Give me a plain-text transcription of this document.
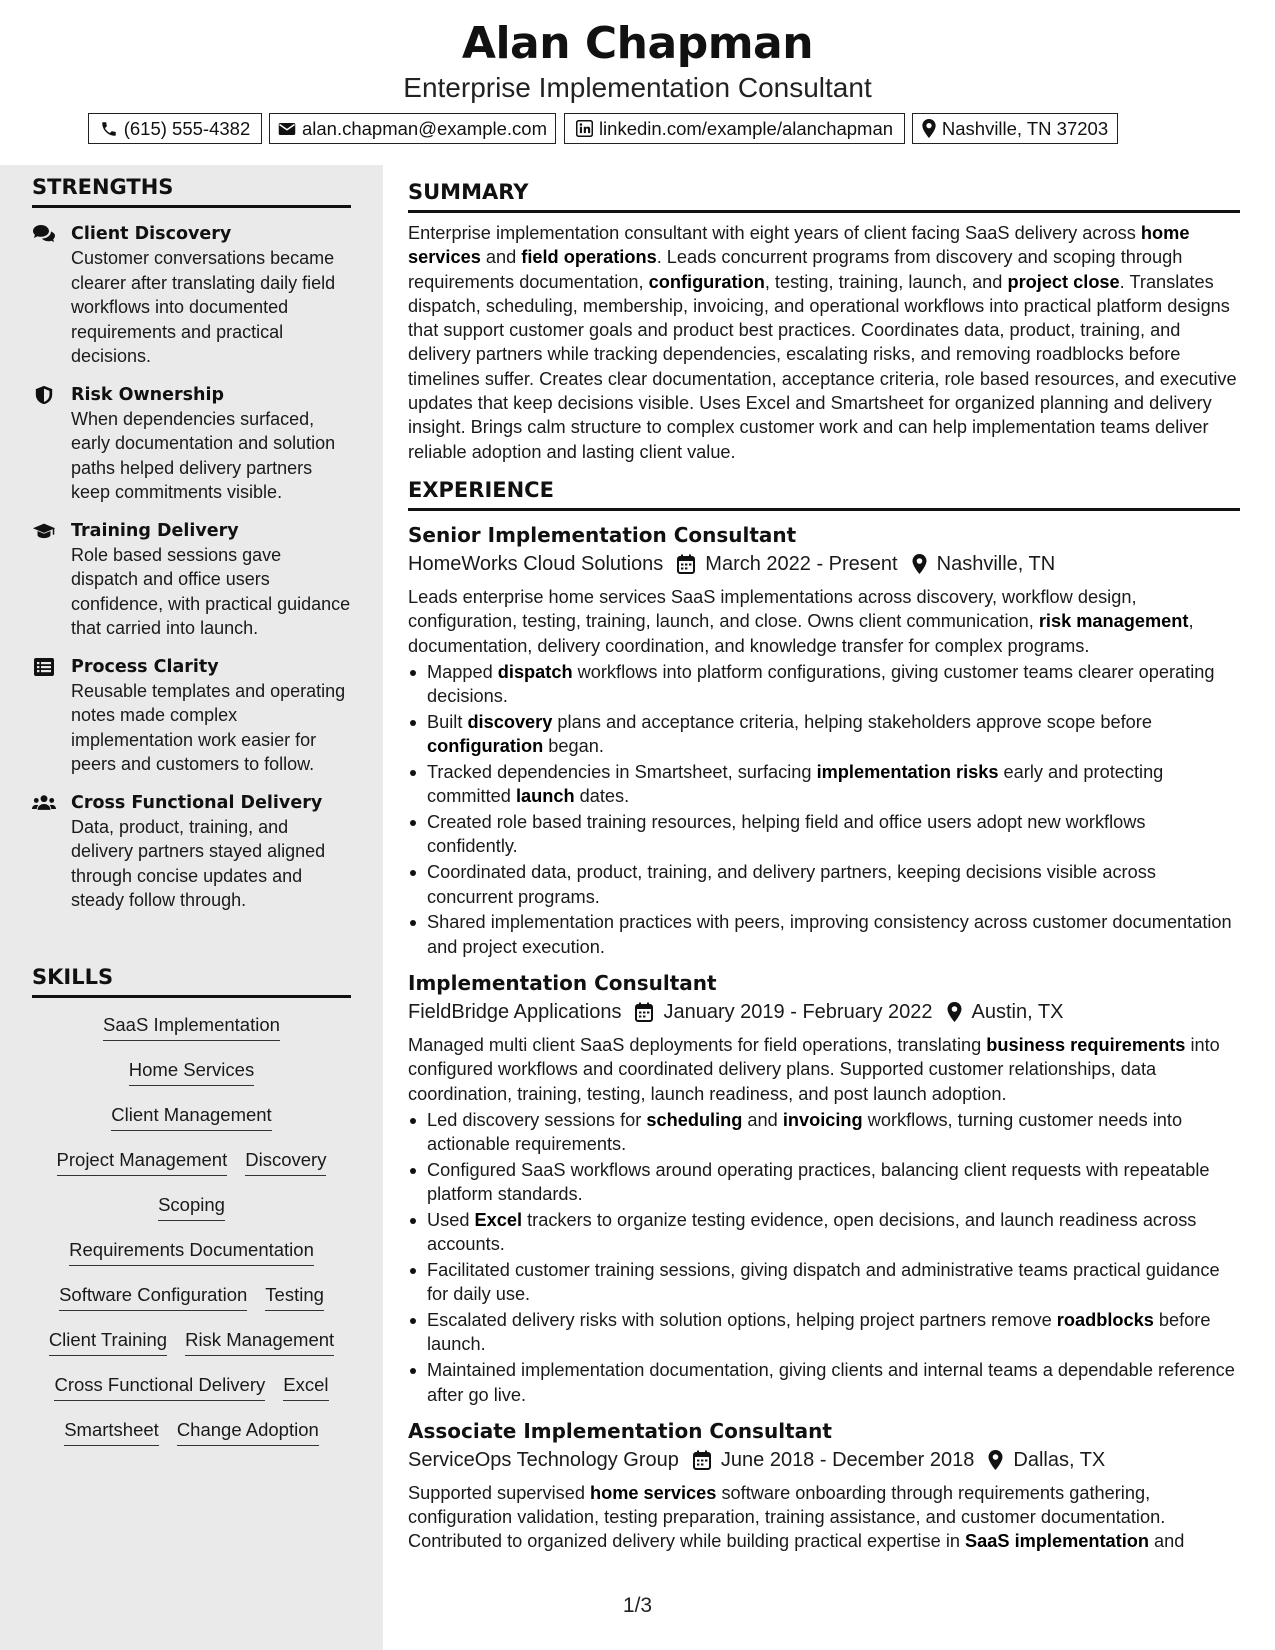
Alan Chapman
Enterprise Implementation Consultant
(615) 555-4382	alan.chapman@example.com	linkedin.com/example/alanchapman	Nashville, TN 37203
STRENGTHS
Client Discovery
Customer conversations became clearer after translating daily field workflows into documented requirements and practical decisions.
Risk Ownership
When dependencies surfaced, early documentation and solution paths helped delivery partners keep commitments visible.
Training Delivery
Role based sessions gave dispatch and office users confidence, with practical guidance that carried into launch.
Process Clarity
Reusable templates and operating notes made complex implementation work easier for peers and customers to follow.
Cross Functional Delivery
Data, product, training, and delivery partners stayed aligned through concise updates and steady follow through.
SKILLS
SaaS Implementation
Home Services
Client Management
Project Management Discovery
Scoping
Requirements Documentation
Software Configuration Testing
Client Training Risk Management
Cross Functional Delivery Excel
Smartsheet Change Adoption
SUMMARY

Enterprise implementation consultant with eight years of client facing SaaS delivery across home services and field operations. Leads concurrent programs from discovery and scoping through requirements documentation, configuration, testing, training, launch, and project close. Translates dispatch, scheduling, membership, invoicing, and operational workflows into practical platform designs that support customer goals and product best practices. Coordinates data, product, training, and delivery partners while tracking dependencies, escalating risks, and removing roadblocks before timelines suffer. Creates clear documentation, acceptance criteria, role based resources, and executive updates that keep decisions visible. Uses Excel and Smartsheet for organized planning and delivery insight. Brings calm structure to complex customer work and can help implementation teams deliver reliable adoption and lasting client value.

EXPERIENCE
Senior Implementation Consultant
HomeWorks Cloud Solutions March 2022 - Present Nashville, TN

Leads enterprise home services SaaS implementations across discovery, workflow design, configuration, testing, training, launch, and close. Owns client communication, risk management, documentation, delivery coordination, and knowledge transfer for complex programs.

Mapped dispatch workflows into platform configurations, giving customer teams clearer operating decisions.
Built discovery plans and acceptance criteria, helping stakeholders approve scope before configuration began.
Tracked dependencies in Smartsheet, surfacing implementation risks early and protecting committed launch dates.
Created role based training resources, helping field and office users adopt new workflows confidently.
Coordinated data, product, training, and delivery partners, keeping decisions visible across concurrent programs.
Shared implementation practices with peers, improving consistency across customer documentation and project execution.
Implementation Consultant
FieldBridge Applications January 2019 - February 2022 Austin, TX

Managed multi client SaaS deployments for field operations, translating business requirements into configured workflows and coordinated delivery plans. Supported customer relationships, data coordination, training, testing, launch readiness, and post launch adoption.

Led discovery sessions for scheduling and invoicing workflows, turning customer needs into actionable requirements.
Configured SaaS workflows around operating practices, balancing client requests with repeatable platform standards.
Used Excel trackers to organize testing evidence, open decisions, and launch readiness across accounts.
Facilitated customer training sessions, giving dispatch and administrative teams practical guidance for daily use.
Escalated delivery risks with solution options, helping project partners remove roadblocks before launch.
Maintained implementation documentation, giving clients and internal teams a dependable reference after go live.
Associate Implementation Consultant
ServiceOps Technology Group June 2018 - December 2018 Dallas, TX

Supported supervised home services software onboarding through requirements gathering, configuration validation, testing preparation, training assistance, and customer documentation. Contributed to organized delivery while building practical expertise in SaaS implementation and

1/3
